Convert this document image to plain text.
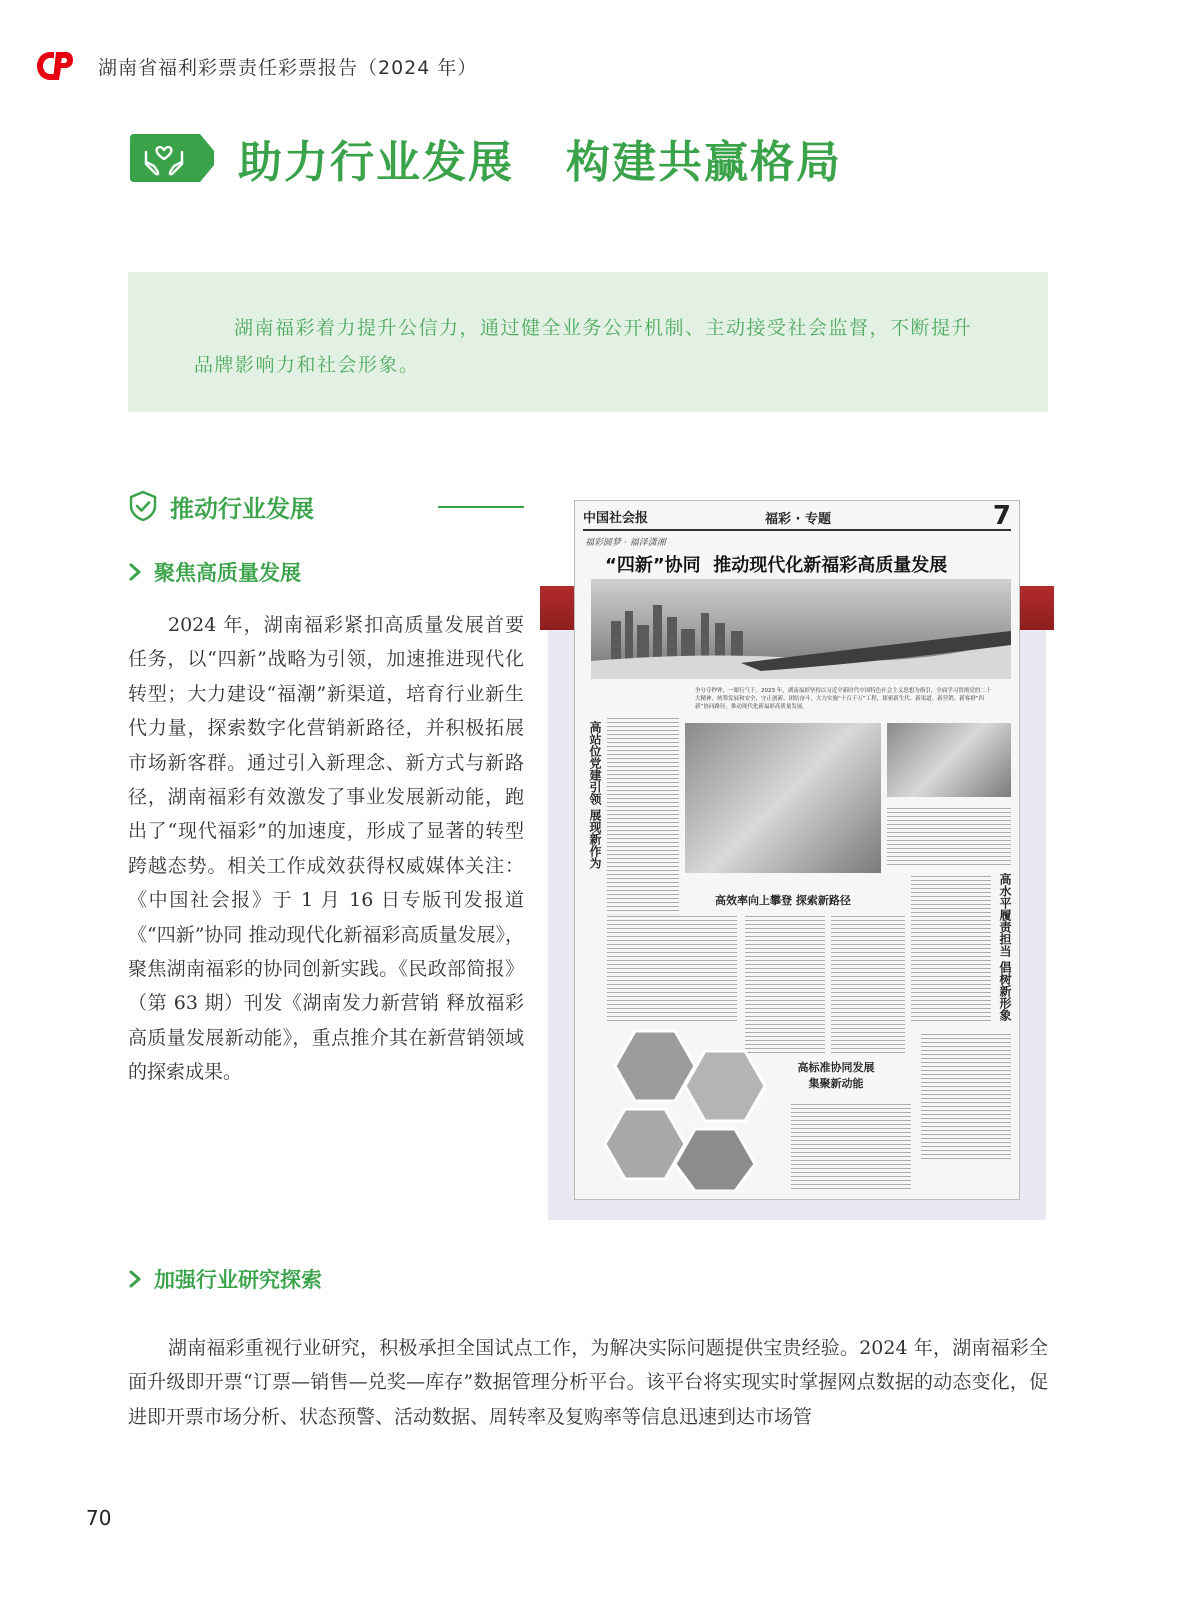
湖南省福利彩票责任彩票报告（2024 年）
助力行业发展   构建共赢格局

湖南福彩着力提升公信力，通过健全业务公开机制、主动接受社会监督，不断提升品牌影响力和社会形象。

推动行业发展
聚焦高质量发展

2024 年，湖南福彩紧扣高质量发展首要任务，以“四新”战略为引领，加速推进现代化转型；大力建设“福潮”新渠道，培育行业新生代力量，探索数字化营销新路径，并积极拓展市场新客群。通过引入新理念、新方式与新路径，湖南福彩有效激发了事业发展新动能，跑出了“现代福彩”的加速度，形成了显著的转型跨越态势。相关工作成效获得权威媒体关注：《中国社会报》于 1 月 16 日专版刊发报道《“四新”协同 推动现代化新福彩高质量发展》，聚焦湖南福彩的协同创新实践。《民政部简报》（第 63 期）刊发《湖南发力新营销 释放福彩高质量发展新动能》，重点推介其在新营销领域的探索成果。

中国社会报	福彩 · 专题	7
福彩圆梦 · 福泽潇湘
“四新”协同  推动现代化新福彩高质量发展

争分夺秒钟，一眼行气干。2023 年，湖南福彩坚持以习近平新时代中国特色社会主义思想为指引，全面学习贯彻党的二十大精神，统筹发展和安全，守正创新、团结奋斗，大力实施“十百千万”工程，探索新生代、新渠道、新营销、新客群“四新”协同路径，推动现代化新福彩高质量发展。

高站位党建引领 展现新作为
高效率向上攀登 探索新路径	高水平履责担当 倡树新形象
高标准协同发展 集聚新动能
加强行业研究探索

湖南福彩重视行业研究，积极承担全国试点工作，为解决实际问题提供宝贵经验。2024 年，湖南福彩全面升级即开票“订票—销售—兑奖—库存”数据管理分析平台。该平台将实现实时掌握网点数据的动态变化，促进即开票市场分析、状态预警、活动数据、周转率及复购率等信息迅速到达市场管

70
